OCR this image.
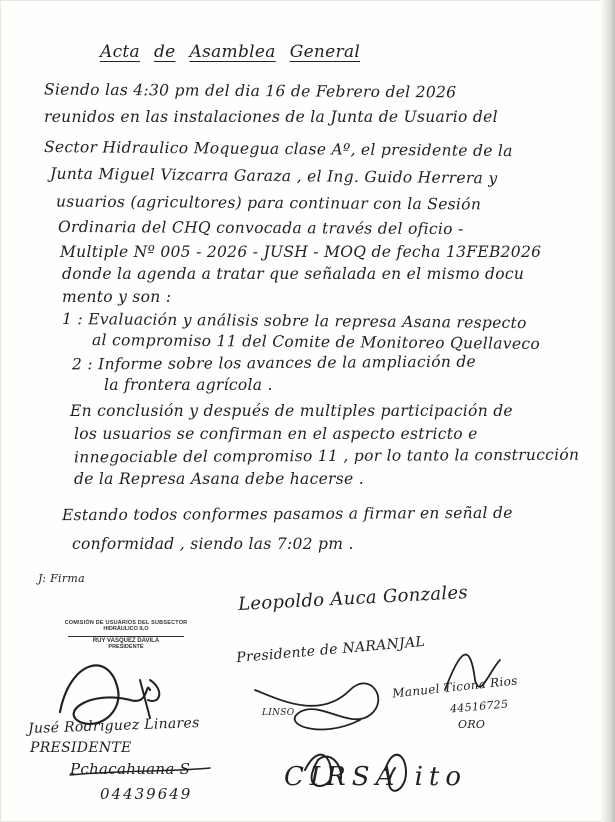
Acta de Asamblea General
Siendo las 4:30 pm del dia 16 de Febrero del 2026
reunidos en las instalaciones de la Junta de Usuario del
Sector Hidraulico Moquegua clase Aº, el presidente de la
Junta Miguel Vizcarra Garaza , el Ing. Guido Herrera y
usuarios (agricultores) para continuar con la Sesión
Ordinaria del CHQ convocada a través del oficio -
Multiple Nº 005 - 2026 - JUSH - MOQ de fecha 13FEB2026
donde la agenda a tratar que señalada en el mismo docu
mento y son :
1 : Evaluación y análisis sobre la represa Asana respecto
al compromiso 11 del Comite de Monitoreo Quellaveco
2 : Informe sobre los avances de la ampliación de
la frontera agrícola .
En conclusión y después de multiples participación de
los usuarios se confirman en el aspecto estricto e
innegociable del compromiso 11 , por lo tanto la construcción
de la Represa Asana debe hacerse .
Estando todos conformes pasamos a firmar en señal de
conformidad , siendo las 7:02 pm .
J: Firma
COMISIÓN DE USUARIOS DEL SUBSECTOR
HIDRÁULICO ILO
RUY VASQUEZ DAVILA
PRESIDENTE
Leopoldo Auca Gonzales
Presidente de NARANJAL
Jusé Rodríguez Linares
PRESIDENTE
Pchacahuana S
04439649
LINSO
Manuel Ticona Rios
44516725
ORO
CIRSA ito
